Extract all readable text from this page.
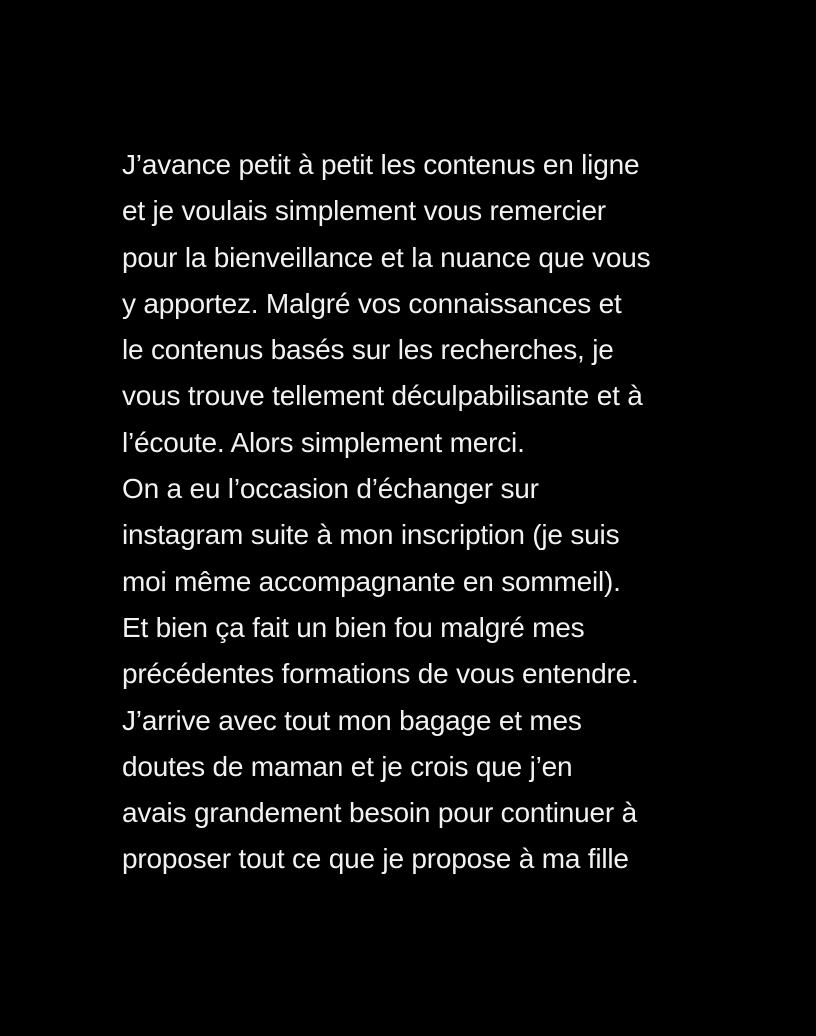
J’avance petit à petit les contenus en ligne
et je voulais simplement vous remercier
pour la bienveillance et la nuance que vous
y apportez. Malgré vos connaissances et
le contenus basés sur les recherches, je
vous trouve tellement déculpabilisante et à
l’écoute. Alors simplement merci.
On a eu l’occasion d’échanger sur
instagram suite à mon inscription (je suis
moi même accompagnante en sommeil).
Et bien ça fait un bien fou malgré mes
précédentes formations de vous entendre.
J’arrive avec tout mon bagage et mes
doutes de maman et je crois que j’en
avais grandement besoin pour continuer à
proposer tout ce que je propose à ma fille
